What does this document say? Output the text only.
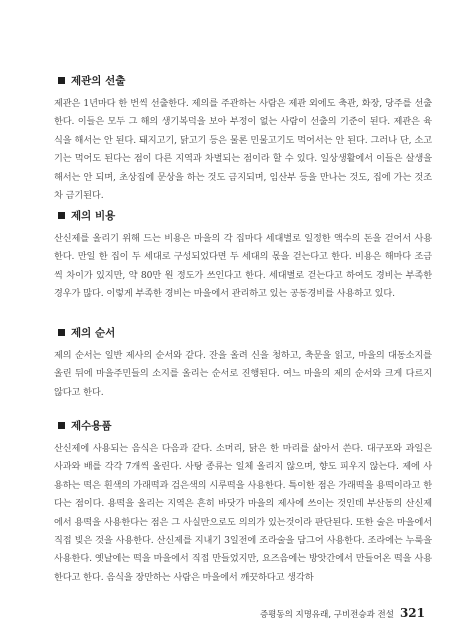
제관의 선출

제관은 1년마다 한 번씩 선출한다. 제의를 주관하는 사람은 제관 외에도 축관, 화장, 당주를 선출한다. 이들은 모두 그 해의 생기복덕을 보아 부정이 없는 사람이 선출의 기준이 된다. 제관은 육식을 해서는 안 된다. 돼지고기, 닭고기 등은 물론 민물고기도 먹어서는 안 된다. 그러나 단, 소고기는 먹어도 된다는 점이 다른 지역과 차별되는 점이라 할 수 있다. 일상생활에서 이들은 살생을 해서는 안 되며, 초상집에 문상을 하는 것도 금지되며, 임산부 등을 만나는 것도, 집에 가는 것조차 금기된다.

제의 비용

산신제를 올리기 위해 드는 비용은 마을의 각 집마다 세대별로 일정한 액수의 돈을 걷어서 사용한다. 만일 한 집이 두 세대로 구성되었다면 두 세대의 몫을 걷는다고 한다. 비용은 해마다 조금씩 차이가 있지만, 약 80만 원 정도가 쓰인다고 한다. 세대별로 걷는다고 하여도 경비는 부족한 경우가 많다. 이렇게 부족한 경비는 마을에서 관리하고 있는 공동경비를 사용하고 있다.

제의 순서

제의 순서는 일반 제사의 순서와 같다. 잔을 올려 신을 청하고, 축문을 읽고, 마을의 대동소지를 올린 뒤에 마을주민들의 소지를 올리는 순서로 진행된다. 여느 마을의 제의 순서와 크게 다르지 않다고 한다.

제수용품

산신제에 사용되는 음식은 다음과 같다. 소머리, 닭은 한 마리를 삶아서 쓴다. 대구포와 과일은 사과와 배를 각각 7개씩 올린다. 사탕 종류는 일체 올리지 않으며, 향도 피우지 않는다. 제에 사용하는 떡은 흰색의 가래떡과 검은색의 시루떡을 사용한다. 특이한 점은 가래떡을 용떡이라고 한다는 점이다. 용떡을 올리는 지역은 흔히 바닷가 마을의 제사에 쓰이는 것인데 부산동의 산신제에서 용떡을 사용한다는 점은 그 사실만으로도 의의가 있는것이라 판단된다. 또한 술은 마을에서 직접 빚은 것을 사용한다. 산신제를 지내기 3일전에 조라술을 담그어 사용한다. 조라에는 누룩을 사용한다. 옛날에는 떡을 마을에서 직접 만들었지만, 요즈음에는 방앗간에서 만들어온 떡을 사용한다고 한다. 음식을 장만하는 사람은 마을에서 깨끗하다고 생각하

증평동의 지명유래, 구비전승과 전설 321
